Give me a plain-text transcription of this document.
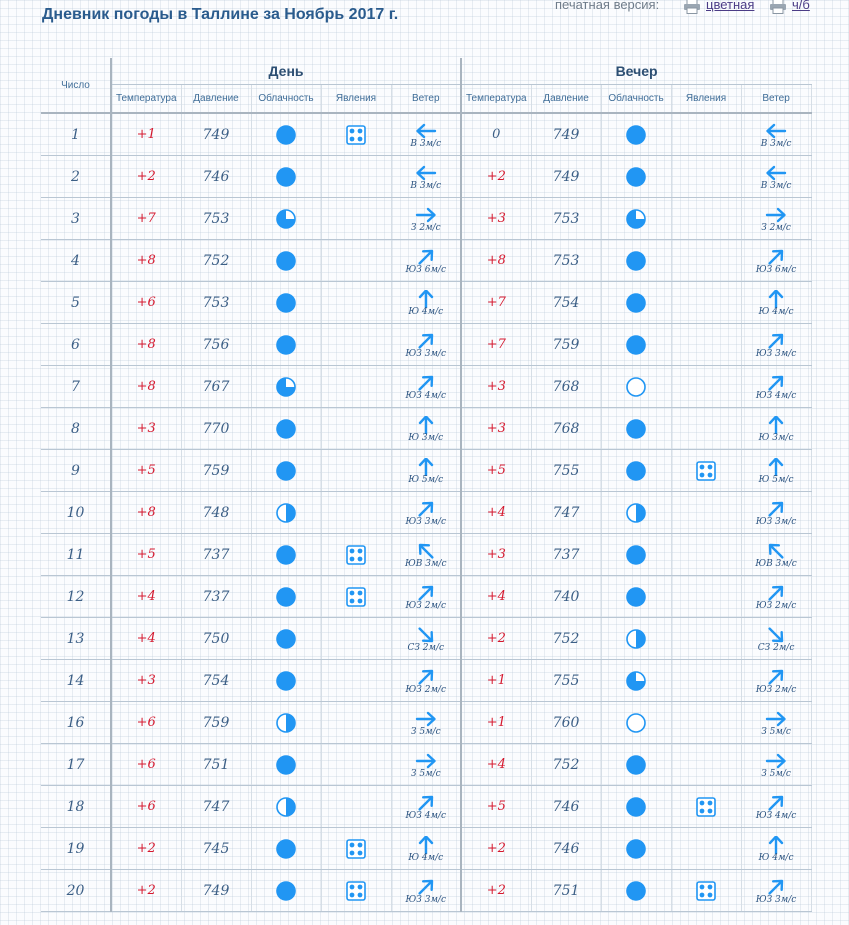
Дневник погоды в Таллине за Ноябрь 2017 г.
печатная версия:	цветная	ч/б
Число	День					Вечер				
	Температура	Давление	Облачность	Явления	Ветер	Температура	Давление	Облачность	Явления	Ветер
1	+1	749			В 3м/с	0	749			В 3м/с

2	+2	746			В 3м/с	+2	749			В 3м/с

3	+7	753			З 2м/с	+3	753			З 2м/с

4	+8	752			ЮЗ 6м/с	+8	753			ЮЗ 6м/с

5	+6	753			Ю 4м/с	+7	754			Ю 4м/с

6	+8	756			ЮЗ 3м/с	+7	759			ЮЗ 3м/с

7	+8	767			ЮЗ 4м/с	+3	768			ЮЗ 4м/с

8	+3	770			Ю 3м/с	+3	768			Ю 3м/с

9	+5	759			Ю 5м/с	+5	755			Ю 5м/с

10	+8	748			ЮЗ 3м/с	+4	747			ЮЗ 3м/с

11	+5	737			ЮВ 3м/с	+3	737			ЮВ 3м/с

12	+4	737			ЮЗ 2м/с	+4	740			ЮЗ 2м/с

13	+4	750			СЗ 2м/с	+2	752			СЗ 2м/с

14	+3	754			ЮЗ 2м/с	+1	755			ЮЗ 2м/с

16	+6	759			З 5м/с	+1	760			З 5м/с

17	+6	751			З 5м/с	+4	752			З 5м/с

18	+6	747			ЮЗ 4м/с	+5	746			ЮЗ 4м/с

19	+2	745			Ю 4м/с	+2	746			Ю 4м/с

20	+2	749			ЮЗ 3м/с	+2	751			ЮЗ 3м/с
